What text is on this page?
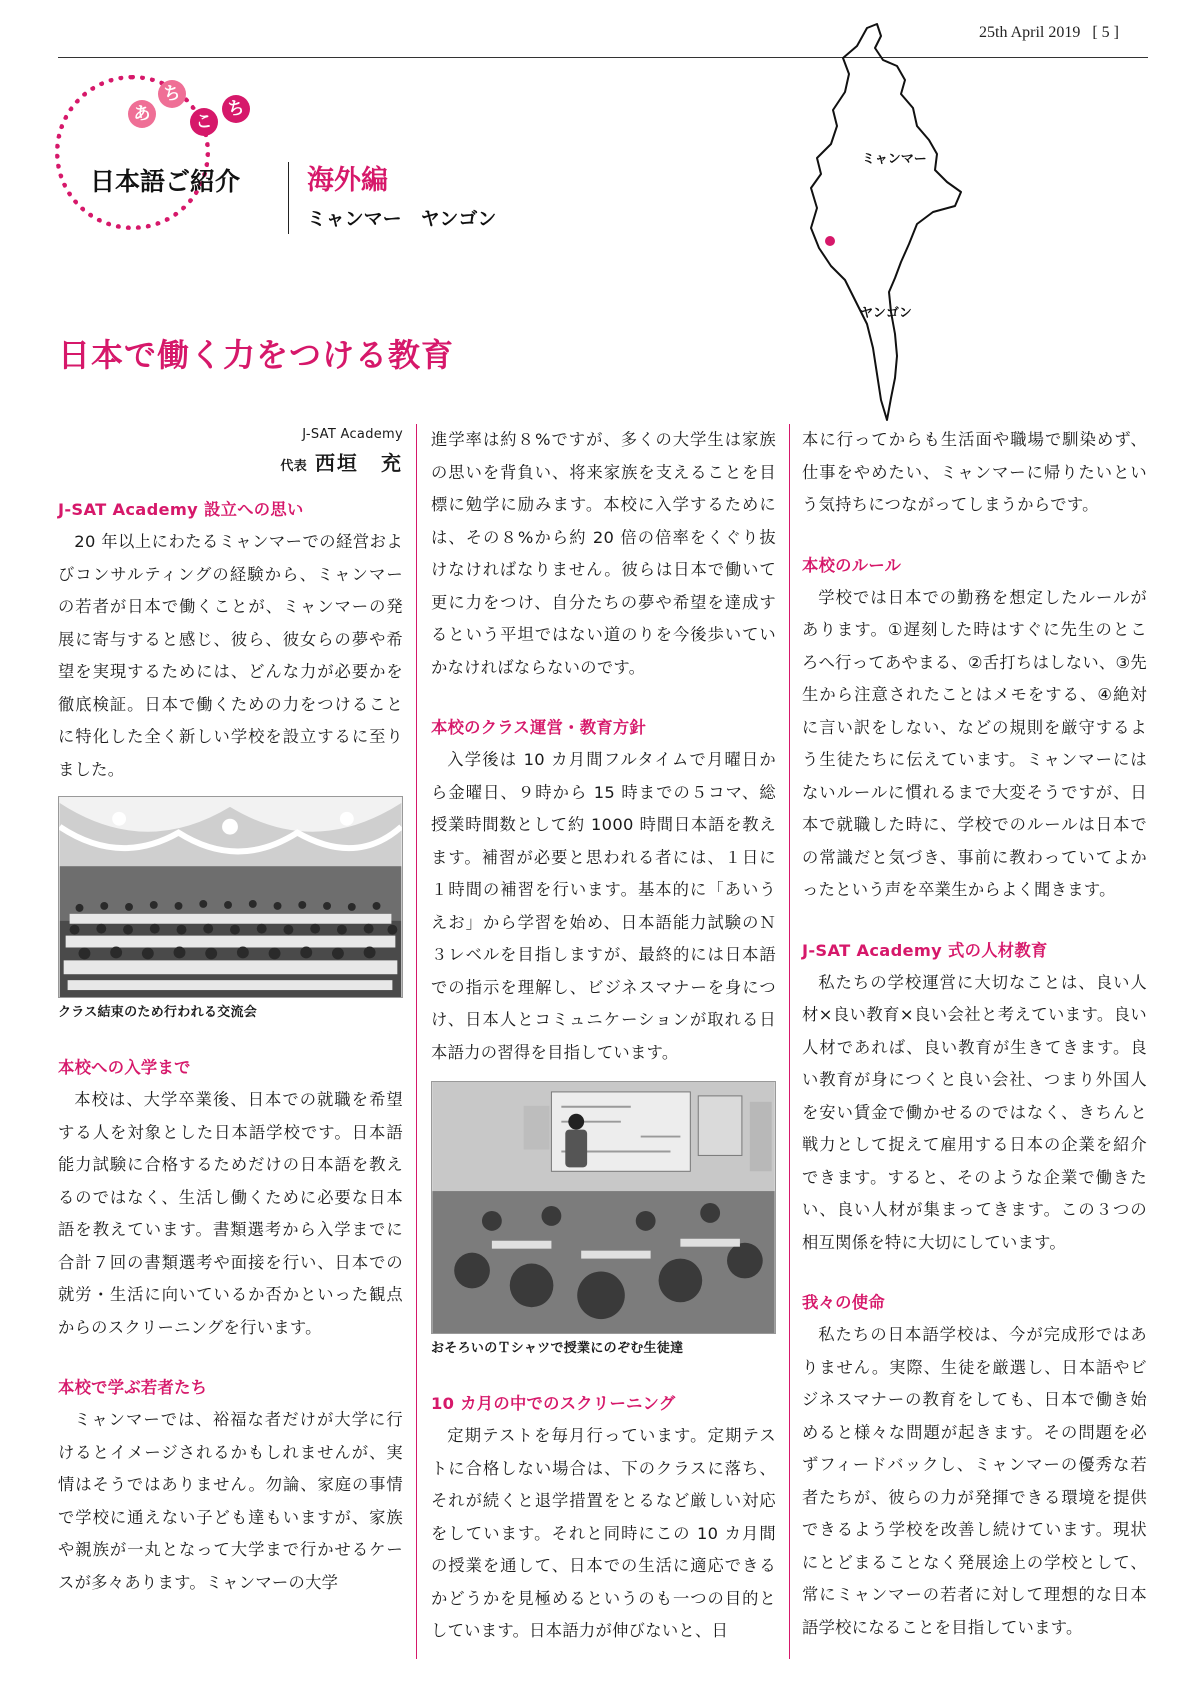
25th April 2019 [ 5 ]
あ
ち
こ
ち
日本語ご紹介 海外編
ミャンマー　ヤンゴン
ミャンマー
ヤンゴン
日本で働く力をつける教育

J-SAT Academy

代表 西垣　充

J-SAT Academy 設立への思い

20 年以上にわたるミャンマーでの経営およびコンサルティングの経験から、ミャンマーの若者が日本で働くことが、ミャンマーの発展に寄与すると感じ、彼ら、彼女らの夢や希望を実現するためには、どんな力が必要かを徹底検証。日本で働くための力をつけることに特化した全く新しい学校を設立するに至りました。

クラス結束のため行われる交流会

本校への入学まで

本校は、大学卒業後、日本での就職を希望する人を対象とした日本語学校です。日本語能力試験に合格するためだけの日本語を教えるのではなく、生活し働くために必要な日本語を教えています。書類選考から入学までに合計７回の書類選考や面接を行い、日本での就労・生活に向いているか否かといった観点からのスクリーニングを行います。

本校で学ぶ若者たち

ミャンマーでは、裕福な者だけが大学に行けるとイメージされるかもしれませんが、実情はそうではありません。勿論、家庭の事情で学校に通えない子ども達もいますが、家族や親族が一丸となって大学まで行かせるケースが多々あります。ミャンマーの大学

進学率は約８%ですが、多くの大学生は家族の思いを背負い、将来家族を支えることを目標に勉学に励みます。本校に入学するためには、その８%から約 20 倍の倍率をくぐり抜けなければなりません。彼らは日本で働いて更に力をつけ、自分たちの夢や希望を達成するという平坦ではない道のりを今後歩いていかなければならないのです。

本校のクラス運営・教育方針

入学後は 10 カ月間フルタイムで月曜日から金曜日、９時から 15 時までの５コマ、総授業時間数として約 1000 時間日本語を教えます。補習が必要と思われる者には、１日に１時間の補習を行います。基本的に「あいうえお」から学習を始め、日本語能力試験のＮ３レベルを目指しますが、最終的には日本語での指示を理解し、ビジネスマナーを身につけ、日本人とコミュニケーションが取れる日本語力の習得を目指しています。

おそろいのＴシャツで授業にのぞむ生徒達

10 カ月の中でのスクリーニング

定期テストを毎月行っています。定期テストに合格しない場合は、下のクラスに落ち、それが続くと退学措置をとるなど厳しい対応をしています。それと同時にこの 10 カ月間の授業を通して、日本での生活に適応できるかどうかを見極めるというのも一つの目的としています。日本語力が伸びないと、日

本に行ってからも生活面や職場で馴染めず、仕事をやめたい、ミャンマーに帰りたいという気持ちにつながってしまうからです。

本校のルール

学校では日本での勤務を想定したルールがあります。①遅刻した時はすぐに先生のところへ行ってあやまる、②舌打ちはしない、③先生から注意されたことはメモをする、④絶対に言い訳をしない、などの規則を厳守するよう生徒たちに伝えています。ミャンマーにはないルールに慣れるまで大変そうですが、日本で就職した時に、学校でのルールは日本での常識だと気づき、事前に教わっていてよかったという声を卒業生からよく聞きます。

J-SAT Academy 式の人材教育

私たちの学校運営に大切なことは、良い人材×良い教育×良い会社と考えています。良い人材であれば、良い教育が生きてきます。良い教育が身につくと良い会社、つまり外国人を安い賃金で働かせるのではなく、きちんと戦力として捉えて雇用する日本の企業を紹介できます。すると、そのような企業で働きたい、良い人材が集まってきます。この３つの相互関係を特に大切にしています。

我々の使命

私たちの日本語学校は、今が完成形ではありません。実際、生徒を厳選し、日本語やビジネスマナーの教育をしても、日本で働き始めると様々な問題が起きます。その問題を必ずフィードバックし、ミャンマーの優秀な若者たちが、彼らの力が発揮できる環境を提供できるよう学校を改善し続けています。現状にとどまることなく発展途上の学校として、常にミャンマーの若者に対して理想的な日本語学校になることを目指しています。
